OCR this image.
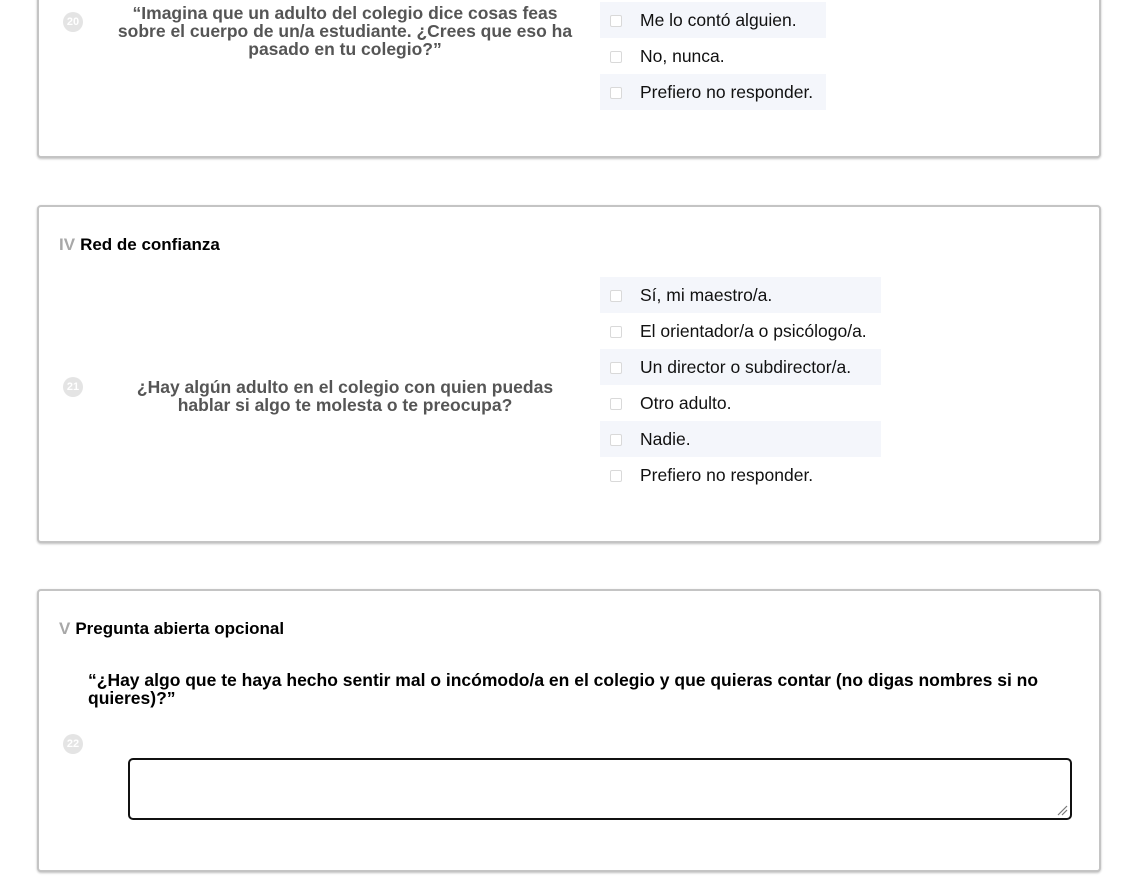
20	“Imagina que un adulto del colegio dice cosas feas sobre el cuerpo de un/a estudiante. ¿Crees que eso ha pasado en tu colegio?”
Me lo contó alguien.
No, nunca.
Prefiero no responder.
IV Red de confianza
21	¿Hay algún adulto en el colegio con quien puedas hablar si algo te molesta o te preocupa?
Sí, mi maestro/a.
El orientador/a o psicólogo/a.
Un director o subdirector/a.
Otro adulto.
Nadie.
Prefiero no responder.
V Pregunta abierta opcional
“¿Hay algo que te haya hecho sentir mal o incómodo/a en el colegio y que quieras contar (no digas nombres si no quieres)?”
22
